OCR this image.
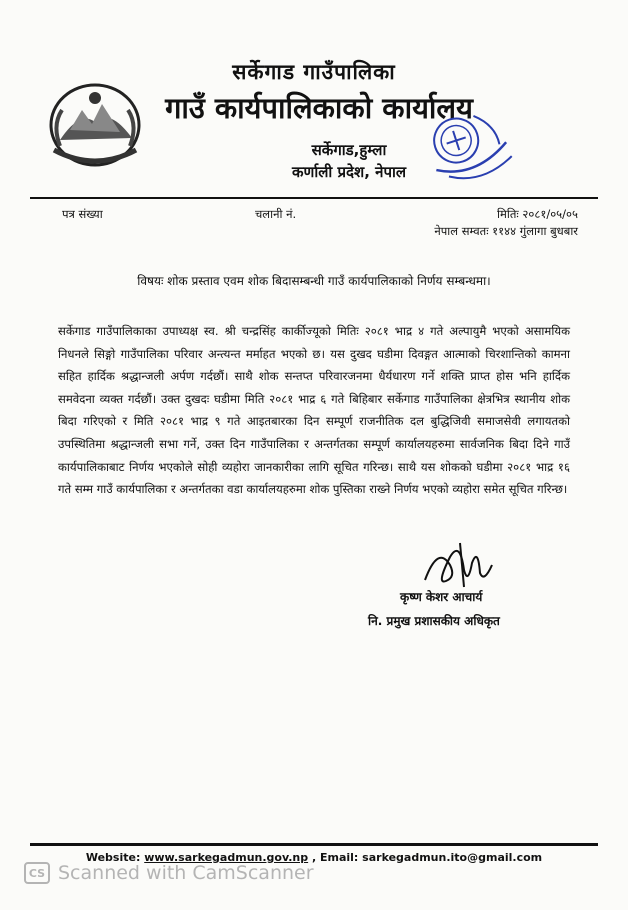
सर्केगाड गाउँपालिका
गाउँ कार्यपालिकाको कार्यालय
सर्केगाड,हुम्ला
कर्णाली प्रदेश, नेपाल
पत्र संख्या	चलानी नं.	मितिः २०८१/०५/०५
नेपाल सम्वतः ११४४ गुंलागा बुधबार
विषयः शोक प्रस्ताव एवम शोक बिदासम्बन्धी गाउँ कार्यपालिकाको निर्णय सम्बन्धमा।
सर्केगाड गाउँपालिकाका उपाध्यक्ष स्व. श्री चन्द्रसिंह कार्कीज्यूको मितिः २०८१ भाद्र ४ गते अल्पायुमै भएको असामयिक निधनले सिङ्गो गाउँपालिका परिवार अन्त्यन्त मर्माहत भएको छ। यस दुखद घडीमा दिवङ्गत आत्माको चिरशान्तिको कामना सहित हार्दिक श्रद्धान्जली अर्पण गर्दछौं। साथै शोक सन्तप्त परिवारजनमा धैर्यधारण गर्ने शक्ति प्राप्त होस भनि हार्दिक समवेदना व्यक्त गर्दछौं। उक्त दुखदः घडीमा मिति २०८१ भाद्र ६ गते बिहिबार सर्केगाड गाउँपालिका क्षेत्रभित्र स्थानीय शोक बिदा गरिएको र मिति २०८१ भाद्र ९ गते आइतबारका दिन सम्पूर्ण राजनीतिक दल बुद्धिजिवी समाजसेवी लगायतको उपस्थितिमा श्रद्धान्जली सभा गर्ने, उक्त दिन गाउँपालिका र अन्तर्गतका सम्पूर्ण कार्यालयहरुमा सार्वजनिक बिदा दिने गाउँ कार्यपालिकाबाट निर्णय भएकोले सोही व्यहोरा जानकारीका लागि सूचित गरिन्छ। साथै यस शोकको घडीमा २०८१ भाद्र १६ गते सम्म गाउँ कार्यपालिका र अन्तर्गतका वडा कार्यालयहरुमा शोक पुस्तिका राख्ने निर्णय भएको व्यहोरा समेत सूचित गरिन्छ।
कृष्ण केशर आचार्य
नि. प्रमुख प्रशासकीय अधिकृत
Website: www.sarkegadmun.gov.np , Email: sarkegadmun.ito@gmail.com
CS Scanned with CamScanner
